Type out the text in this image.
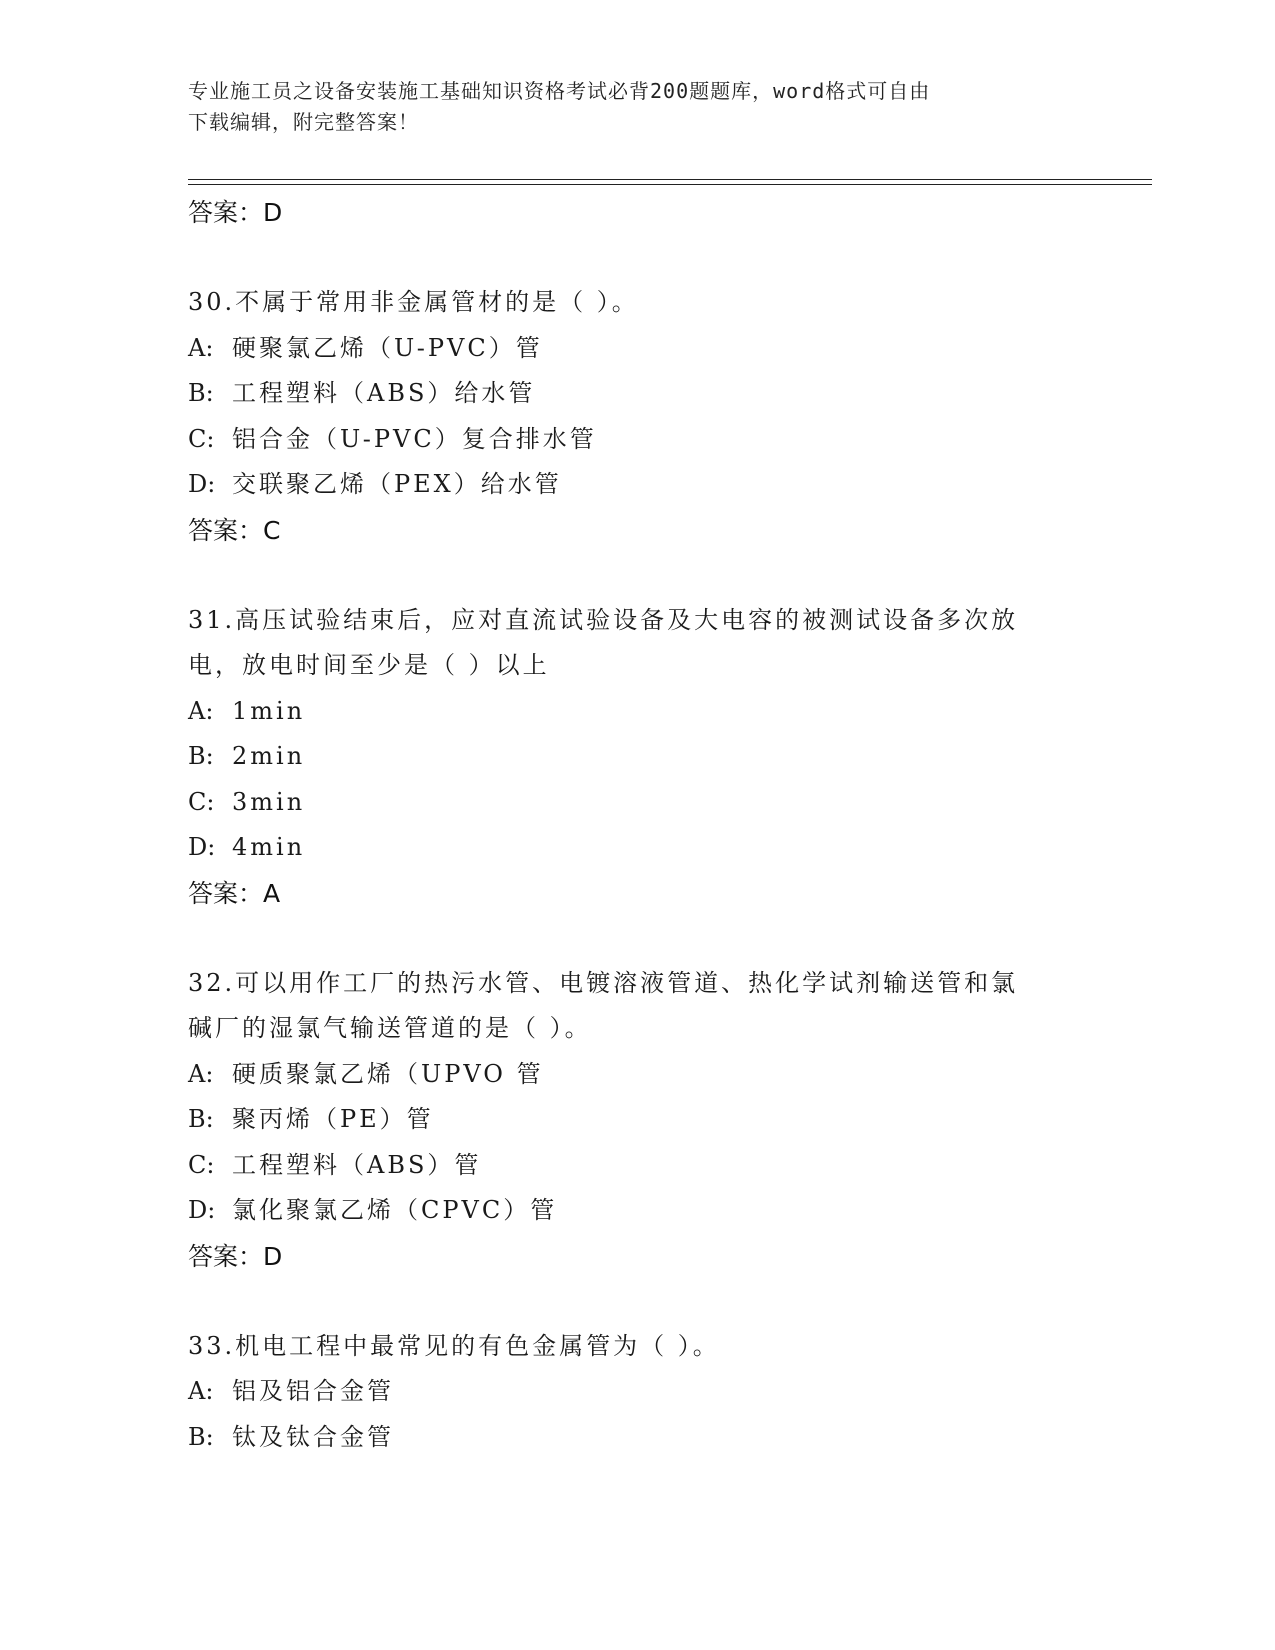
专业施工员之设备安装施工基础知识资格考试必背200题题库，word格式可自由
下载编辑，附完整答案！
答案：D
30.不属于常用非金属管材的是（ ）。
A: 硬聚氯乙烯（U-PVC）管
B: 工程塑料（ABS）给水管
C: 铝合金（U-PVC）复合排水管
D: 交联聚乙烯（PEX）给水管
答案：C
31.高压试验结束后，应对直流试验设备及大电容的被测试设备多次放
电，放电时间至少是（ ）以上
A: 1min
B: 2min
C: 3min
D: 4min
答案：A
32.可以用作工厂的热污水管、电镀溶液管道、热化学试剂输送管和氯
碱厂的湿氯气输送管道的是（ ）。
A: 硬质聚氯乙烯（UPVO 管
B: 聚丙烯（PE）管
C: 工程塑料（ABS）管
D: 氯化聚氯乙烯（CPVC）管
答案：D
33.机电工程中最常见的有色金属管为（ ）。
A: 铝及铝合金管
B: 钛及钛合金管
